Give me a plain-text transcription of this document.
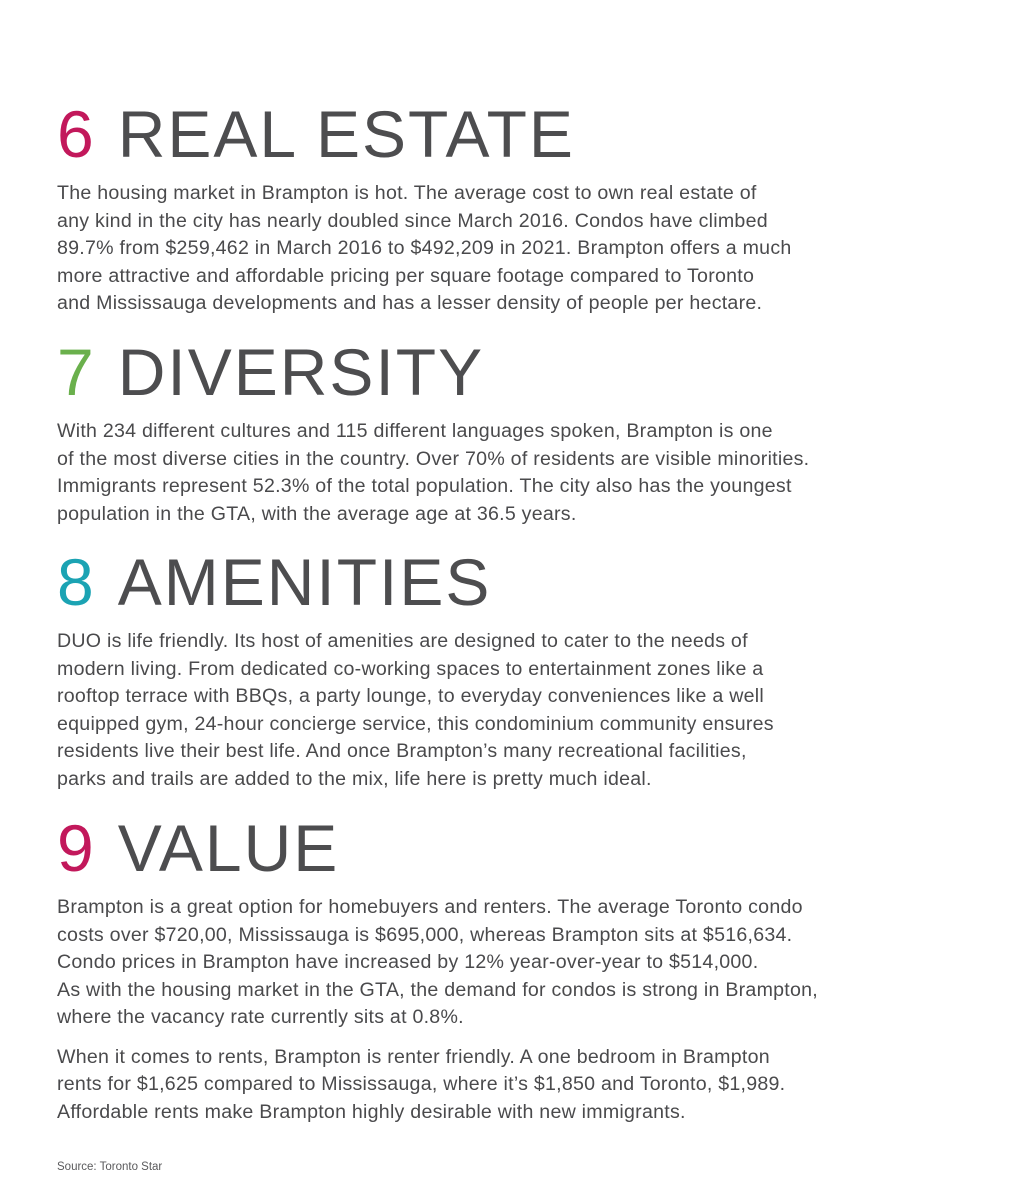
6 REAL ESTATE

The housing market in Brampton is hot. The average cost to own real estate of
any kind in the city has nearly doubled since March 2016. Condos have climbed
89.7% from $259,462 in March 2016 to $492,209 in 2021. Brampton offers a much
more attractive and affordable pricing per square footage compared to Toronto
and Mississauga developments and has a lesser density of people per hectare.

7 DIVERSITY

With 234 different cultures and 115 different languages spoken, Brampton is one
of the most diverse cities in the country. Over 70% of residents are visible minorities.
Immigrants represent 52.3% of the total population. The city also has the youngest
population in the GTA, with the average age at 36.5 years.

8 AMENITIES

DUO is life friendly. Its host of amenities are designed to cater to the needs of
modern living. From dedicated co-working spaces to entertainment zones like a
rooftop terrace with BBQs, a party lounge, to everyday conveniences like a well
equipped gym, 24-hour concierge service, this condominium community ensures
residents live their best life. And once Brampton’s many recreational facilities,
parks and trails are added to the mix, life here is pretty much ideal.

9 VALUE

Brampton is a great option for homebuyers and renters. The average Toronto condo
costs over $720,00, Mississauga is $695,000, whereas Brampton sits at $516,634.
Condo prices in Brampton have increased by 12% year-over-year to $514,000.
As with the housing market in the GTA, the demand for condos is strong in Brampton,
where the vacancy rate currently sits at 0.8%.

When it comes to rents, Brampton is renter friendly. A one bedroom in Brampton
rents for $1,625 compared to Mississauga, where it’s $1,850 and Toronto, $1,989.
Affordable rents make Brampton highly desirable with new immigrants.

Source: Toronto Star
